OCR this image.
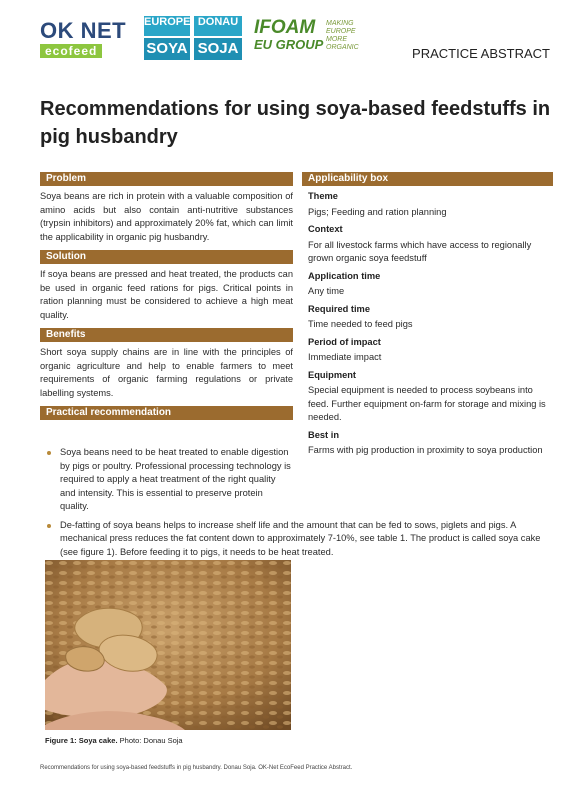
OK NET
ecofeed
EUROPE DONAU
SOYA SOJA
IFOAM
EU GROUP
MAKING
EUROPE
MORE
ORGANIC	PRACTICE ABSTRACT
Recommendations for using soya-based feedstuffs in pig husbandry
Problem

Soya beans are rich in protein with a valuable composition of amino acids but also contain anti-nutritive substances (trypsin inhibitors) and approximately 20% fat, which can limit the applicability in organic pig husbandry.

Solution

If soya beans are pressed and heat treated, the products can be used in organic feed rations for pigs. Critical points in ration planning must be considered to achieve a high meat quality.

Benefits

Short soya supply chains are in line with the principles of organic agriculture and help to enable farmers to meet requirements of organic farming regulations or private labelling systems.

Practical recommendation
Applicability box
Theme
Pigs; Feeding and ration planning
Context
For all livestock farms which have access to regionally grown organic soya feedstuff
Application time
Any time
Required time
Time needed to feed pigs
Period of impact
Immediate impact
Equipment
Special equipment is needed to process soybeans into feed. Further equipment on-farm for storage and mixing is needed.
Best in
Farms with pig production in proximity to soya production
Soya beans need to be heat treated to enable digestion by pigs or poultry. Professional processing technology is required to apply a heat treatment of the right quality and intensity. This is essential to preserve protein quality.
De-fatting of soya beans helps to increase shelf life and the amount that can be fed to sows, piglets and pigs. A mechanical press reduces the fat content down to approximately 7-10%, see table 1. The product is called soya cake (see figure 1). Before feeding it to pigs, it needs to be heat treated.
Figure 1: Soya cake. Photo: Donau Soja
Recommendations for using soya-based feedstuffs in pig husbandry. Donau Soja. OK-Net EcoFeed Practice Abstract.
